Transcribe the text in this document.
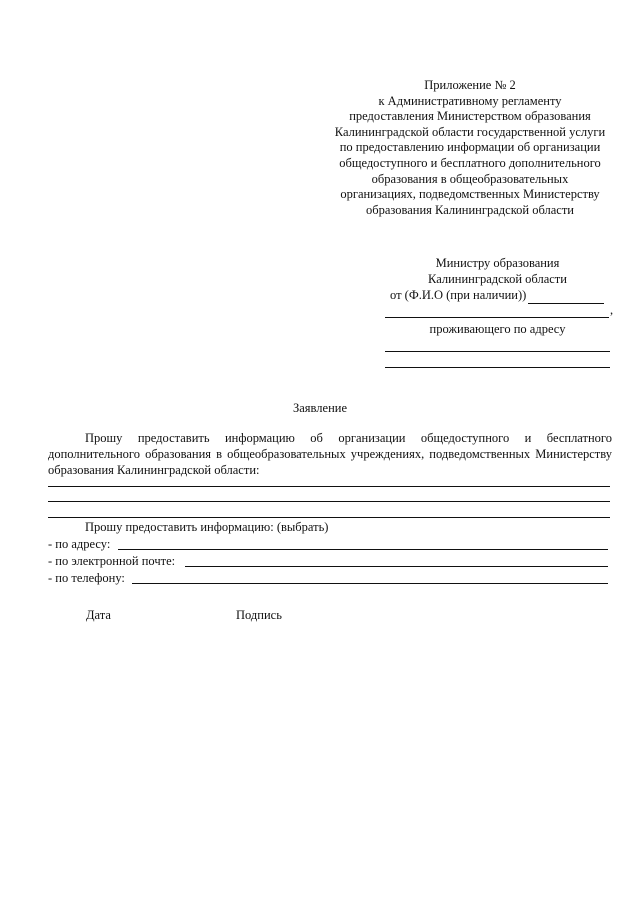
Приложение № 2
к Административному регламенту
предоставления Министерством образования
Калининградской области государственной услуги
по предоставлению информации об организации
общедоступного и бесплатного дополнительного
образования в общеобразовательных
организациях, подведомственных Министерству
образования Калининградской области
Министру образования
Калининградской области
от (Ф.И.О (при наличии))
,
проживающего по адресу
Заявление
Прошу предоставить информацию об организации общедоступного и бесплатного дополнительного образования в общеобразовательных учреждениях, подведомственных Министерству образования Калининградской области:
Прошу предоставить информацию: (выбрать)
- по адресу:
- по электронной почте:
- по телефону:
Дата	Подпись
